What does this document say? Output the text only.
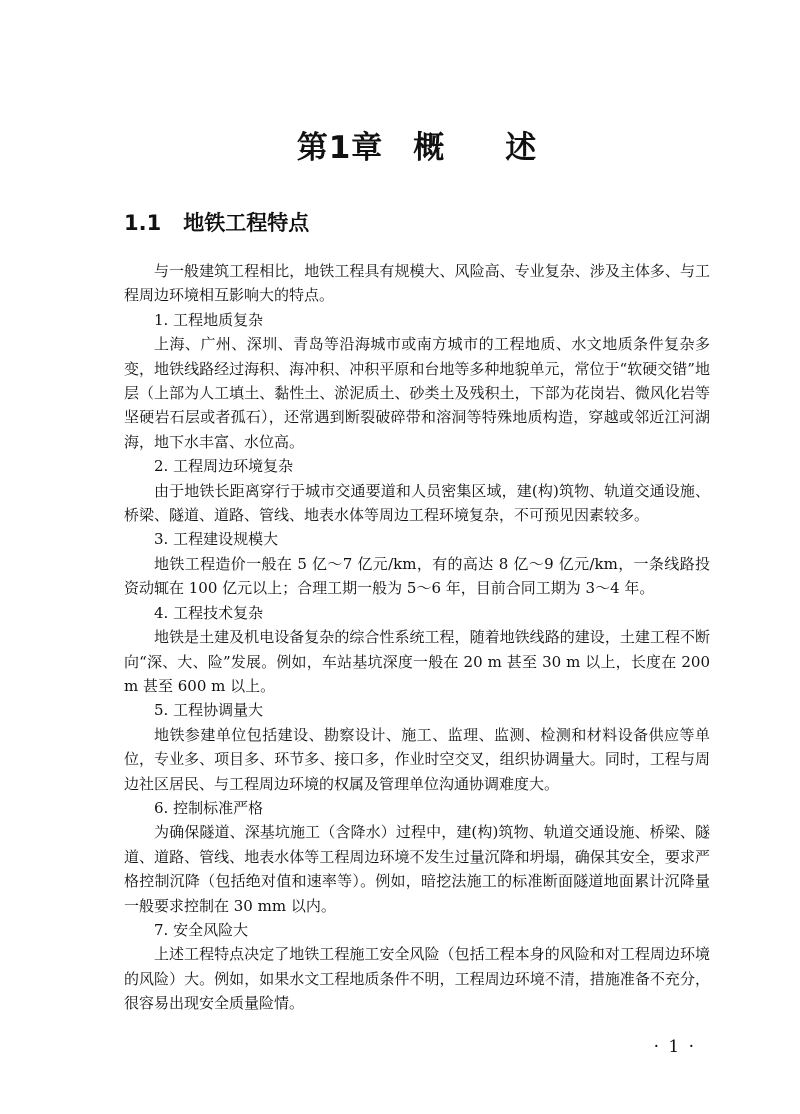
第1章 概 述
1.1 地铁工程特点

与一般建筑工程相比，地铁工程具有规模大、风险高、专业复杂、涉及主体多、与工程周边环境相互影响大的特点。

1. 工程地质复杂

上海、广州、深圳、青岛等沿海城市或南方城市的工程地质、水文地质条件复杂多变，地铁线路经过海积、海冲积、冲积平原和台地等多种地貌单元，常位于“软硬交错”地层（上部为人工填土、黏性土、淤泥质土、砂类土及残积土，下部为花岗岩、微风化岩等坚硬岩石层或者孤石），还常遇到断裂破碎带和溶洞等特殊地质构造，穿越或邻近江河湖海，地下水丰富、水位高。

2. 工程周边环境复杂

由于地铁长距离穿行于城市交通要道和人员密集区域，建(构)筑物、轨道交通设施、桥梁、隧道、道路、管线、地表水体等周边工程环境复杂，不可预见因素较多。

3. 工程建设规模大

地铁工程造价一般在 5 亿～7 亿元/km，有的高达 8 亿～9 亿元/km，一条线路投资动辄在 100 亿元以上；合理工期一般为 5～6 年，目前合同工期为 3～4 年。

4. 工程技术复杂

地铁是土建及机电设备复杂的综合性系统工程，随着地铁线路的建设，土建工程不断向“深、大、险”发展。例如，车站基坑深度一般在 20 m 甚至 30 m 以上，长度在 200 m 甚至 600 m 以上。

5. 工程协调量大

地铁参建单位包括建设、勘察设计、施工、监理、监测、检测和材料设备供应等单位，专业多、项目多、环节多、接口多，作业时空交叉，组织协调量大。同时，工程与周边社区居民、与工程周边环境的权属及管理单位沟通协调难度大。

6. 控制标准严格

为确保隧道、深基坑施工（含降水）过程中，建(构)筑物、轨道交通设施、桥梁、隧道、道路、管线、地表水体等工程周边环境不发生过量沉降和坍塌，确保其安全，要求严格控制沉降（包括绝对值和速率等）。例如，暗挖法施工的标准断面隧道地面累计沉降量一般要求控制在 30 mm 以内。

7. 安全风险大

上述工程特点决定了地铁工程施工安全风险（包括工程本身的风险和对工程周边环境的风险）大。例如，如果水文工程地质条件不明，工程周边环境不清，措施准备不充分，很容易出现安全质量险情。

· 1 ·
